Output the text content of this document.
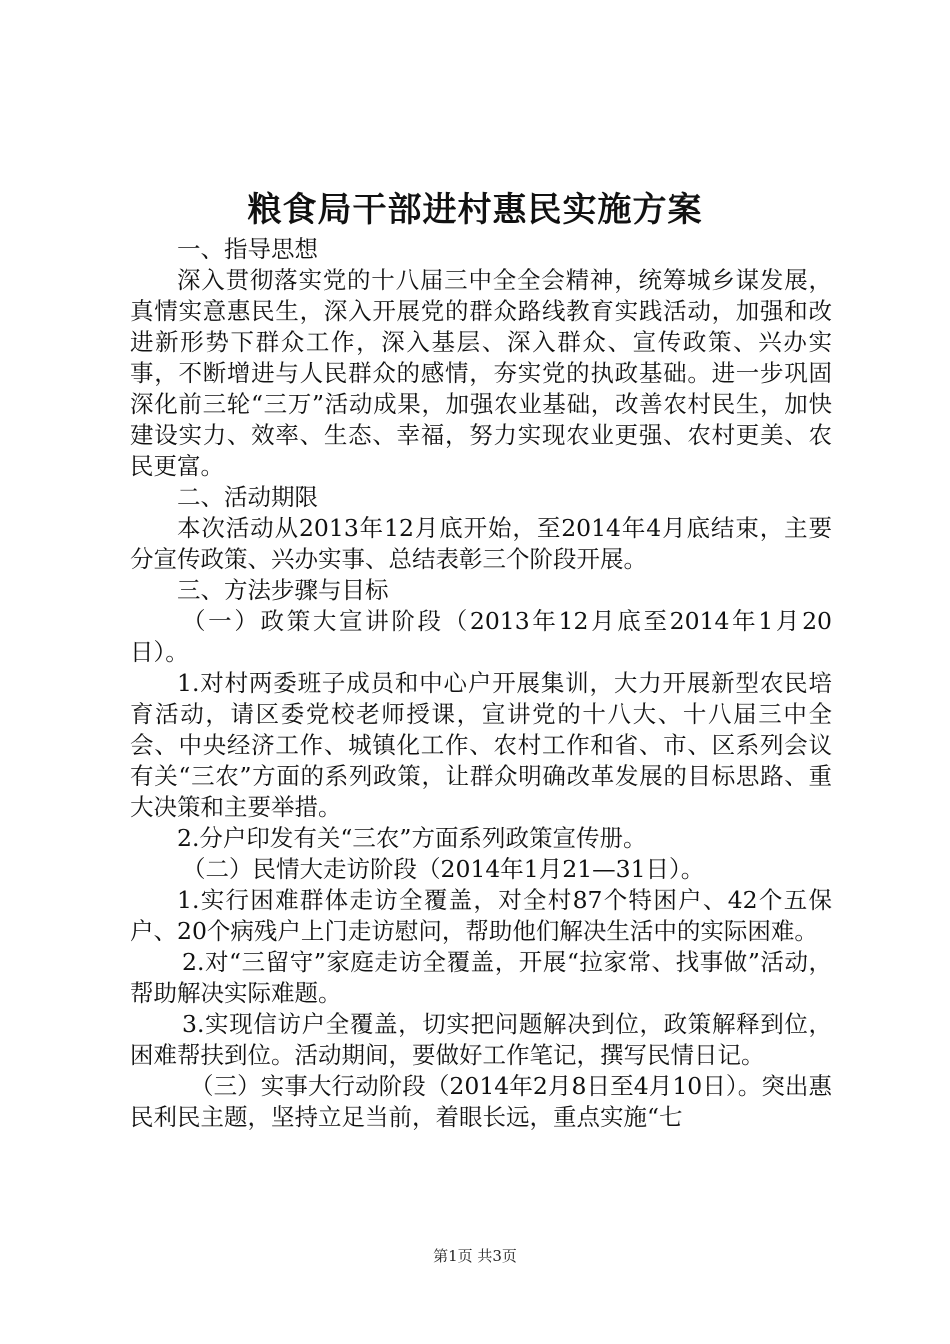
粮食局干部进村惠民实施方案

一、指导思想

深入贯彻落实党的十八届三中全全会精神，统筹城乡谋发展，真情实意惠民生，深入开展党的群众路线教育实践活动，加强和改进新形势下群众工作，深入基层、深入群众、宣传政策、兴办实事，不断增进与人民群众的感情，夯实党的执政基础。进一步巩固深化前三轮“三万”活动成果，加强农业基础，改善农村民生，加快建设实力、效率、生态、幸福，努力实现农业更强、农村更美、农民更富。

二、活动期限

本次活动从2013年12月底开始，至2014年4月底结束，主要分宣传政策、兴办实事、总结表彰三个阶段开展。

三、方法步骤与目标

（一）政策大宣讲阶段（2013年12月底至2014年1月20日）。

1.对村两委班子成员和中心户开展集训，大力开展新型农民培育活动，请区委党校老师授课，宣讲党的十八大、十八届三中全会、中央经济工作、城镇化工作、农村工作和省、市、区系列会议有关“三农”方面的系列政策，让群众明确改革发展的目标思路、重大决策和主要举措。

2.分户印发有关“三农”方面系列政策宣传册。

（二）民情大走访阶段（2014年1月21—31日）。

1.实行困难群体走访全覆盖，对全村87个特困户、42个五保户、20个病残户上门走访慰问，帮助他们解决生活中的实际困难。

2.对“三留守”家庭走访全覆盖，开展“拉家常、找事做”活动，帮助解决实际难题。

3.实现信访户全覆盖，切实把问题解决到位，政策解释到位，困难帮扶到位。活动期间，要做好工作笔记，撰写民情日记。

（三）实事大行动阶段（2014年2月8日至4月10日）。突出惠民利民主题，坚持立足当前，着眼长远，重点实施“七

第1页 共3页
